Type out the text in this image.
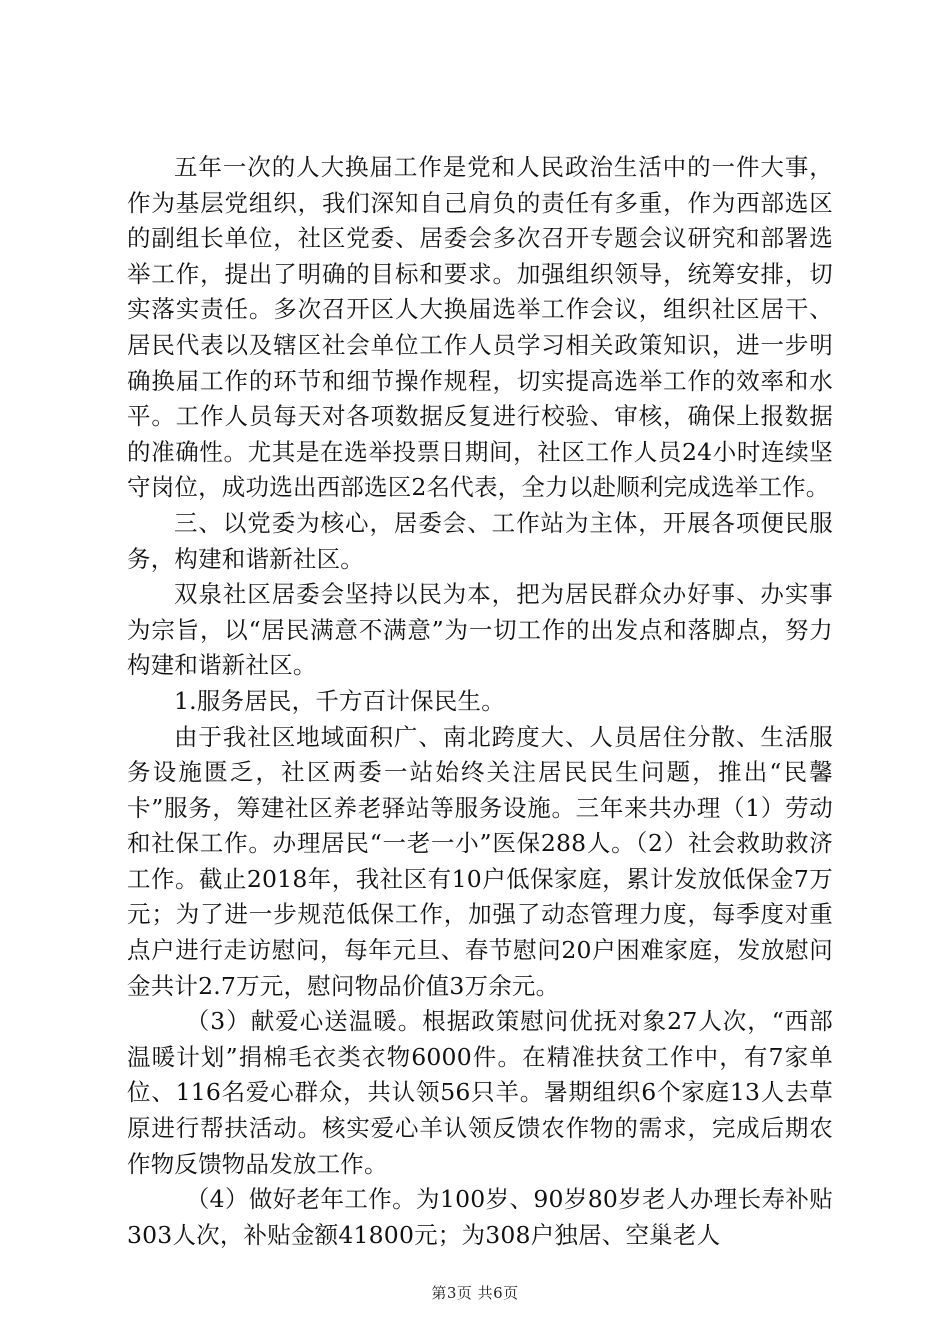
五年一次的人大换届工作是党和人民政治生活中的一件大事，作为基层党组织，我们深知自己肩负的责任有多重，作为西部选区的副组长单位，社区党委、居委会多次召开专题会议研究和部署选举工作，提出了明确的目标和要求。加强组织领导，统筹安排，切实落实责任。多次召开区人大换届选举工作会议，组织社区居干、居民代表以及辖区社会单位工作人员学习相关政策知识，进一步明确换届工作的环节和细节操作规程，切实提高选举工作的效率和水平。工作人员每天对各项数据反复进行校验、审核，确保上报数据的准确性。尤其是在选举投票日期间，社区工作人员24小时连续坚守岗位，成功选出西部选区2名代表，全力以赴顺利完成选举工作。

三、以党委为核心，居委会、工作站为主体，开展各项便民服务，构建和谐新社区。

双泉社区居委会坚持以民为本，把为居民群众办好事、办实事为宗旨，以“居民满意不满意”为一切工作的出发点和落脚点，努力构建和谐新社区。

1.服务居民，千方百计保民生。

由于我社区地域面积广、南北跨度大、人员居住分散、生活服务设施匮乏，社区两委一站始终关注居民民生问题，推出“民馨卡”服务，筹建社区养老驿站等服务设施。三年来共办理（1）劳动和社保工作。办理居民“一老一小”医保288人。（2）社会救助救济工作。截止2018年，我社区有10户低保家庭，累计发放低保金7万元；为了进一步规范低保工作，加强了动态管理力度，每季度对重点户进行走访慰问，每年元旦、春节慰问20户困难家庭，发放慰问金共计2.7万元，慰问物品价值3万余元。

（3）献爱心送温暖。根据政策慰问优抚对象27人次，“西部温暖计划”捐棉毛衣类衣物6000件。在精准扶贫工作中，有7家单位、116名爱心群众，共认领56只羊。暑期组织6个家庭13人去草原进行帮扶活动。核实爱心羊认领反馈农作物的需求，完成后期农作物反馈物品发放工作。

（4）做好老年工作。为100岁、90岁80岁老人办理长寿补贴303人次，补贴金额41800元；为308户独居、空巢老人

第3页 共6页
